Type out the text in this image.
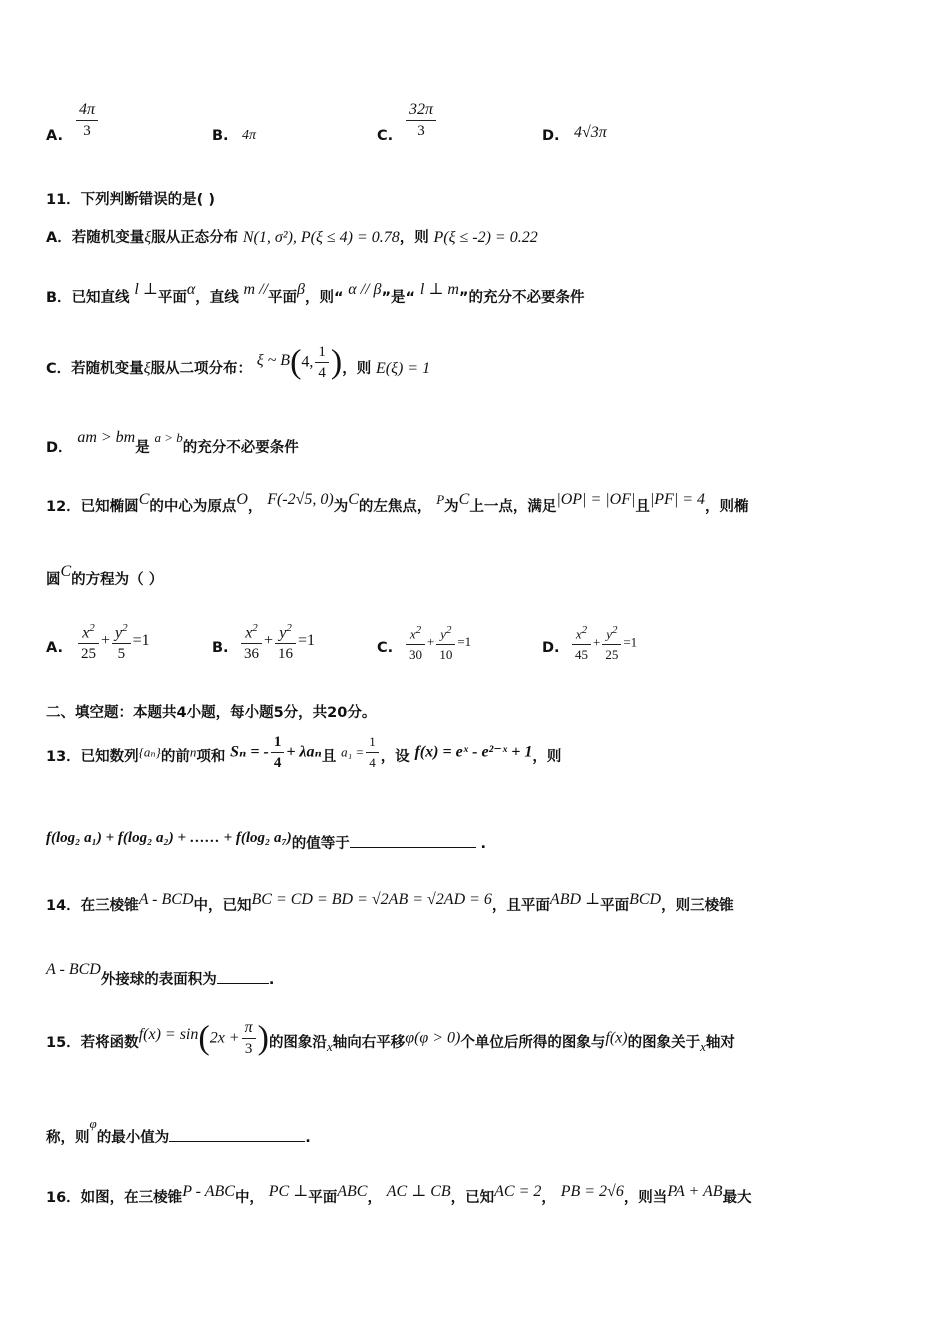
A. $\frac{4\pi}{3}$	B. 4π	C. $\frac{32\pi}{3}$	D. 4√3π
11．下列判断错误的是( )
A．若随机变量ξ服从正态分布 N(1, σ²), P(ξ ≤ 4) = 0.78，则 P(ξ ≤ -2) = 0.22
B．已知直线 l ⊥平面α，直线 m //平面β，则“ α // β”是“ l ⊥ m”的充分不必要条件
C．若随机变量ξ服从二项分布： ξ ~ B(4, $\frac{1}{4}$ )，则 E(ξ) = 1
D． am > bm是 a > b的充分不必要条件
12．已知椭圆C的中心为原点O， F(-2√5, 0)为C的左焦点， P为C上一点，满足|OP| = |OF|且|PF| = 4，则椭
圆C的方程为（ ）
A. $\frac{x^2}{25} + \frac{y^2}{5} =1$	B. $\frac{x^2}{36} + \frac{y^2}{16} =1$	C. $\frac{x^2}{30} + \frac{y^2}{10} =1$	D. $\frac{x^2}{45} + \frac{y^2}{25} =1$
二、填空题：本题共4小题，每小题5分，共20分。
13．已知数列{aₙ}的前n项和 Sₙ = - $\frac{1}{4} + \lambda a_n$且 $a_1 = \frac{1}{4}$ ，设 f(x) = eˣ - e²⁻ˣ + 1，则
f(log₂ a₁) + f(log₂ a₂) + …… + f(log₂ a₇)的值等于	.
14．在三棱锥A - BCD中，已知BC = CD = BD = √2AB = √2AD = 6，且平面ABD ⊥平面BCD，则三棱锥
A - BCD外接球的表面积为	.
15．若将函数$f(x) = \sin(2x + \frac{\pi}{3}$ )的图象沿x轴向右平移φ(φ > 0)个单位后所得的图象与f(x)的图象关于x轴对
称，则φ的最小值为	.
16．如图，在三棱锥P - ABC中， PC ⊥平面ABC， AC ⊥ CB，已知AC = 2， PB = 2√6，则当PA + AB最大
